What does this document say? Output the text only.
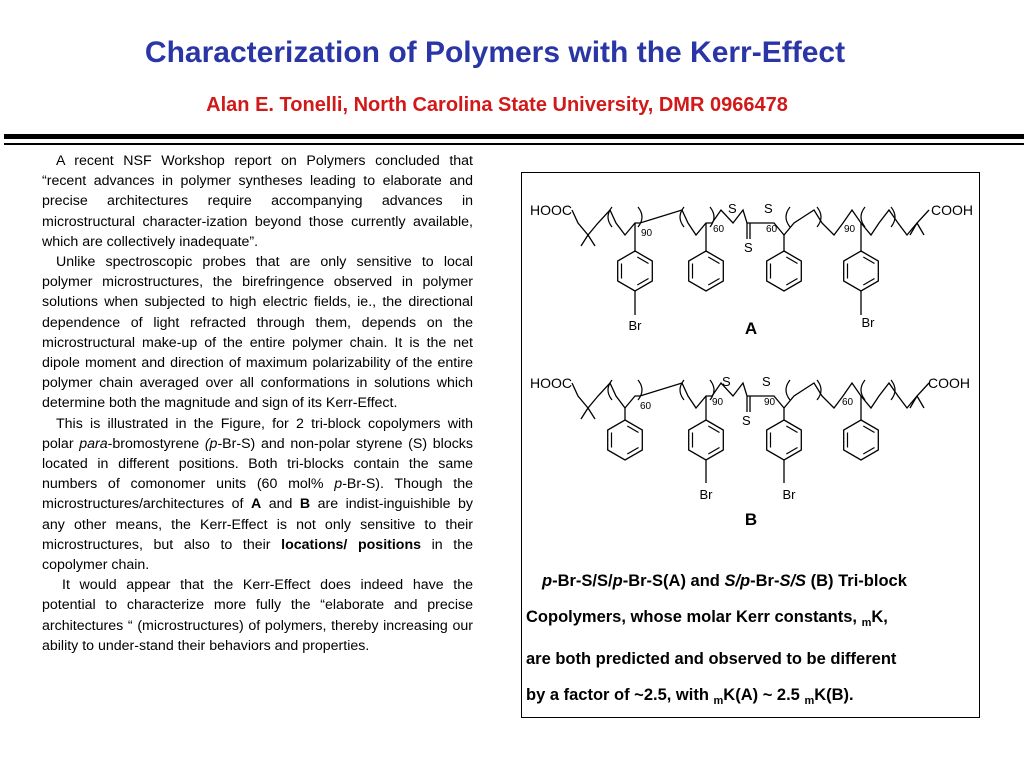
Characterization of Polymers with the Kerr-Effect
Alan E. Tonelli, North Carolina State University, DMR 0966478

A recent NSF Workshop report on Polymers concluded that “recent advances in polymer syntheses leading to elaborate and precise architectures require accompanying advances in microstructural character-ization beyond those currently available, which are collectively inadequate”.

Unlike spectroscopic probes that are only sensitive to local polymer microstructures, the birefringence observed in polymer solutions when subjected to high electric fields, ie., the directional dependence of light refracted through them, depends on the microstructural make-up of the entire polymer chain. It is the net dipole moment and direction of maximum polarizability of the entire polymer chain averaged over all conformations in solutions which determine both the magnitude and sign of its Kerr-Effect.

This is illustrated in the Figure, for 2 tri-block copolymers with polar para-bromostyrene (p-Br-S) and non-polar styrene (S) blocks located in different positions. Both tri-blocks contain the same numbers of comonomer units (60 mol% p-Br-S). Though the microstructures/architectures of A and B are indist-inguishible by any other means, the Kerr-Effect is not only sensitive to their microstructures, but also to their locations/ positions in the copolymer chain.

It would appear that the Kerr-Effect does indeed have the potential to characterize more fully the “elaborate and precise architectures “ (microstructures) of polymers, thereby increasing our ability to under-stand their behaviors and properties.

HOOC	COOH
S S
S
90	60	60	90
Br	Br
A
HOOC	COOH
S S
S
60	90	90	60
Br	Br
B
p-Br-S/S/p-Br-S(A) and S/p-Br-S/S (B) Tri-block
Copolymers, whose molar Kerr constants, $_m$K,
are both predicted and observed to be different
by a factor of ~2.5, with $_m$K(A) ~ 2.5 $_m$K(B).
